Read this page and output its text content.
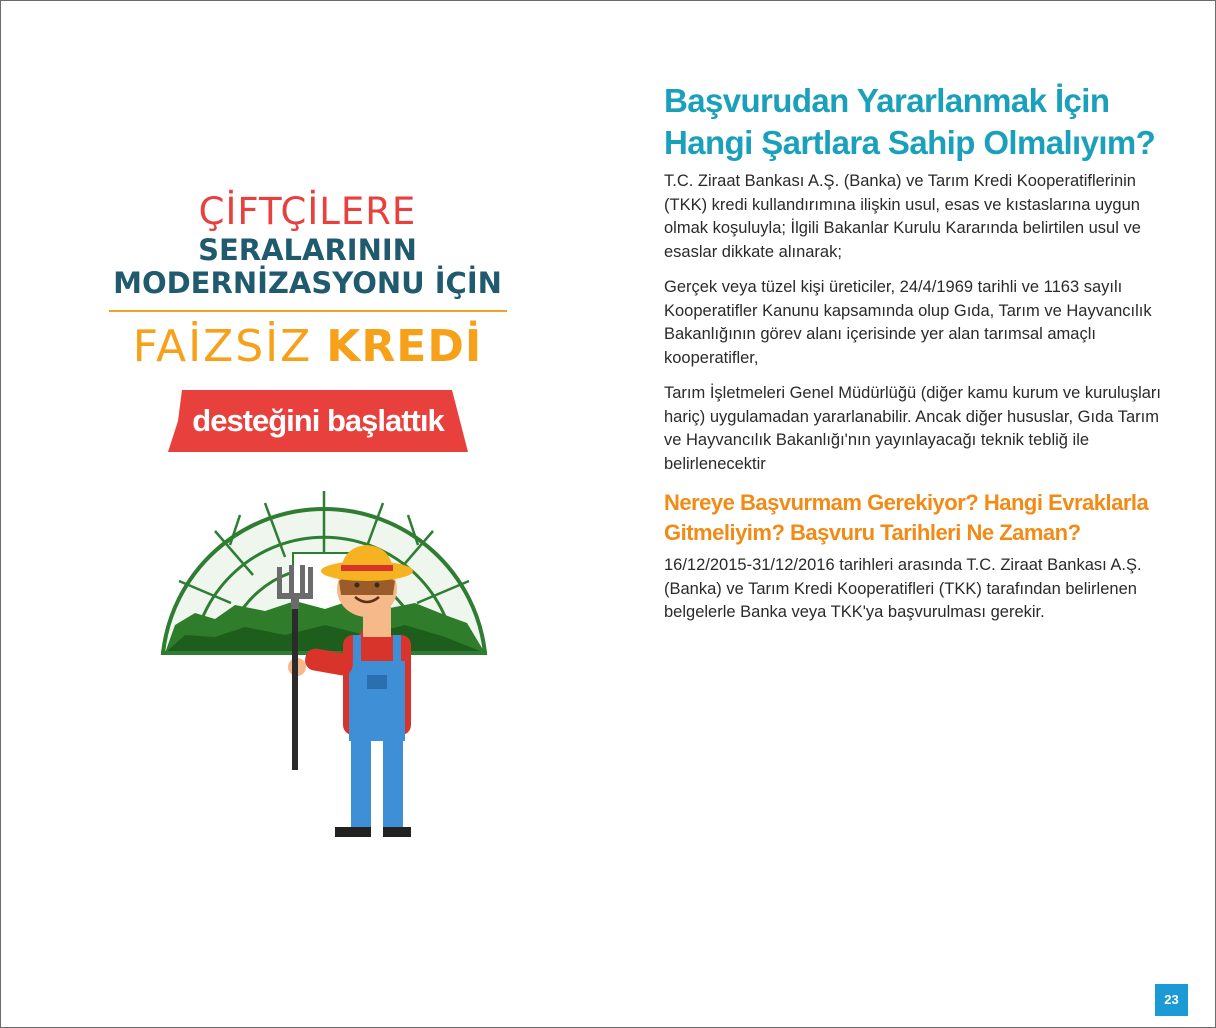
ÇİFTÇİLERE
SERALARININ
MODERNİZASYONU İÇİN
FAİZSİZ KREDİ
desteğini başlattık
Başvurudan Yararlanmak İçin Hangi Şartlara Sahip Olmalıyım?

T.C. Ziraat Bankası A.Ş. (Banka) ve Tarım Kredi Kooperatiflerinin (TKK) kredi kullandırımına ilişkin usul, esas ve kıstaslarına uygun olmak koşuluyla; İlgili Bakanlar Kurulu Kararında belirtilen usul ve esaslar dikkate alınarak;

Gerçek veya tüzel kişi üreticiler, 24/4/1969 tarihli ve 1163 sayılı Kooperatifler Kanunu kapsamında olup Gıda, Tarım ve Hayvancılık Bakanlığının görev alanı içerisinde yer alan tarımsal amaçlı kooperatifler,

Tarım İşletmeleri Genel Müdürlüğü (diğer kamu kurum ve kuruluşları hariç) uygulamadan yararlanabilir. Ancak diğer hususlar, Gıda Tarım ve Hayvancılık Bakanlığı'nın yayınlayacağı teknik tebliğ ile belirlenecektir

Nereye Başvurmam Gerekiyor? Hangi Evraklarla Gitmeliyim? Başvuru Tarihleri Ne Zaman?

16/12/2015-31/12/2016 tarihleri arasında T.C. Ziraat Bankası A.Ş. (Banka) ve Tarım Kredi Kooperatifleri (TKK) tarafından belirlenen belgelerle Banka veya TKK'ya başvurulması gerekir.

23
